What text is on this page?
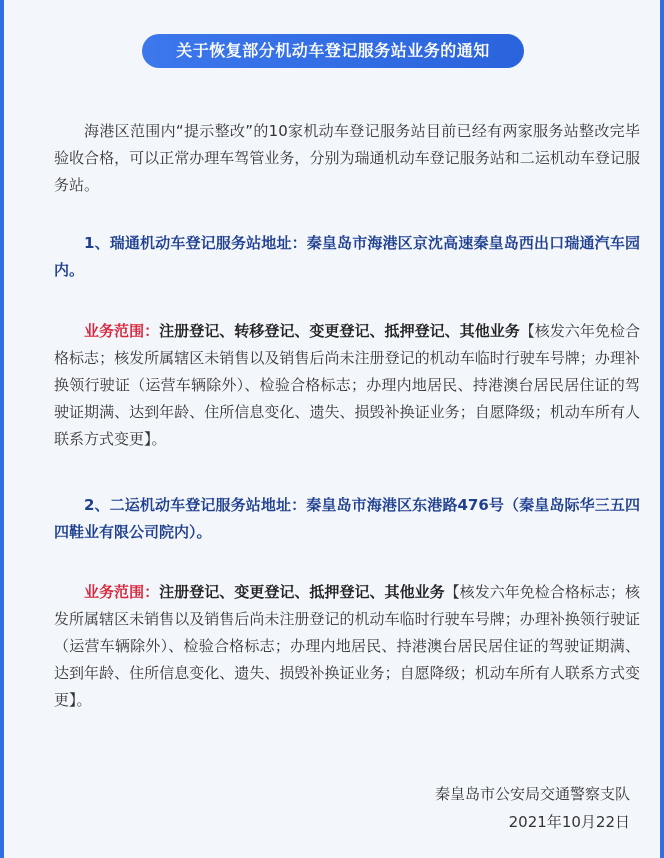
关于恢复部分机动车登记服务站业务的通知
海港区范围内“提示整改”的10家机动车登记服务站目前已经有两家服务站整改完毕验收合格，可以正常办理车驾管业务，分别为瑞通机动车登记服务站和二运机动车登记服务站。
1、瑞通机动车登记服务站地址：秦皇岛市海港区京沈高速秦皇岛西出口瑞通汽车园内。
业务范围：注册登记、转移登记、变更登记、抵押登记、其他业务【核发六年免检合格标志；核发所属辖区未销售以及销售后尚未注册登记的机动车临时行驶车号牌；办理补换领行驶证（运营车辆除外）、检验合格标志；办理内地居民、持港澳台居民居住证的驾驶证期满、达到年龄、住所信息变化、遗失、损毁补换证业务；自愿降级；机动车所有人联系方式变更】。
2、二运机动车登记服务站地址：秦皇岛市海港区东港路476号（秦皇岛际华三五四四鞋业有限公司院内）。
业务范围：注册登记、变更登记、抵押登记、其他业务【核发六年免检合格标志；核发所属辖区未销售以及销售后尚未注册登记的机动车临时行驶车号牌；办理补换领行驶证（运营车辆除外）、检验合格标志；办理内地居民、持港澳台居民居住证的驾驶证期满、达到年龄、住所信息变化、遗失、损毁补换证业务；自愿降级；机动车所有人联系方式变更】。
秦皇岛市公安局交通警察支队
2021年10月22日
